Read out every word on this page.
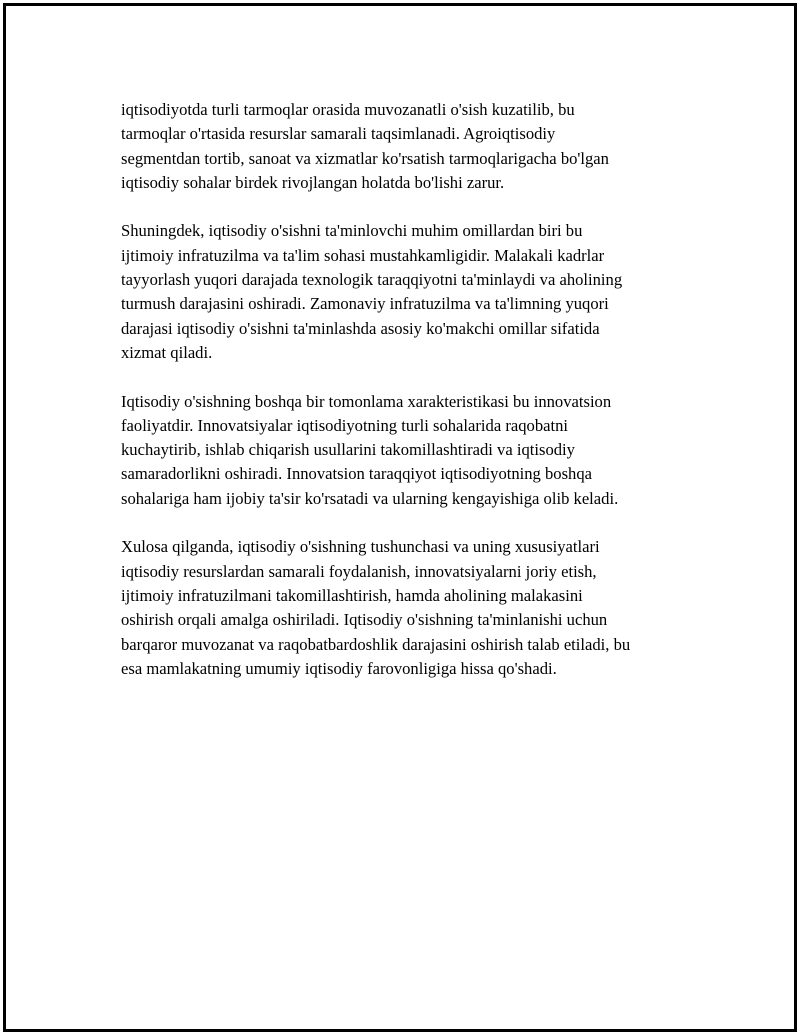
iqtisodiyotda turli tarmoqlar orasida muvozanatli o'sish kuzatilib, bu
tarmoqlar o'rtasida resurslar samarali taqsimlanadi. Agroiqtisodiy
segmentdan tortib, sanoat va xizmatlar ko'rsatish tarmoqlarigacha bo'lgan
iqtisodiy sohalar birdek rivojlangan holatda bo'lishi zarur.

Shuningdek, iqtisodiy o'sishni ta'minlovchi muhim omillardan biri bu
ijtimoiy infratuzilma va ta'lim sohasi mustahkamligidir. Malakali kadrlar
tayyorlash yuqori darajada texnologik taraqqiyotni ta'minlaydi va aholining
turmush darajasini oshiradi. Zamonaviy infratuzilma va ta'limning yuqori
darajasi iqtisodiy o'sishni ta'minlashda asosiy ko'makchi omillar sifatida
xizmat qiladi.

Iqtisodiy o'sishning boshqa bir tomonlama xarakteristikasi bu innovatsion
faoliyatdir. Innovatsiyalar iqtisodiyotning turli sohalarida raqobatni
kuchaytirib, ishlab chiqarish usullarini takomillashtiradi va iqtisodiy
samaradorlikni oshiradi. Innovatsion taraqqiyot iqtisodiyotning boshqa
sohalariga ham ijobiy ta'sir ko'rsatadi va ularning kengayishiga olib keladi.

Xulosa qilganda, iqtisodiy o'sishning tushunchasi va uning xususiyatlari
iqtisodiy resurslardan samarali foydalanish, innovatsiyalarni joriy etish,
ijtimoiy infratuzilmani takomillashtirish, hamda aholining malakasini
oshirish orqali amalga oshiriladi. Iqtisodiy o'sishning ta'minlanishi uchun
barqaror muvozanat va raqobatbardoshlik darajasini oshirish talab etiladi, bu
esa mamlakatning umumiy iqtisodiy farovonligiga hissa qo'shadi.
